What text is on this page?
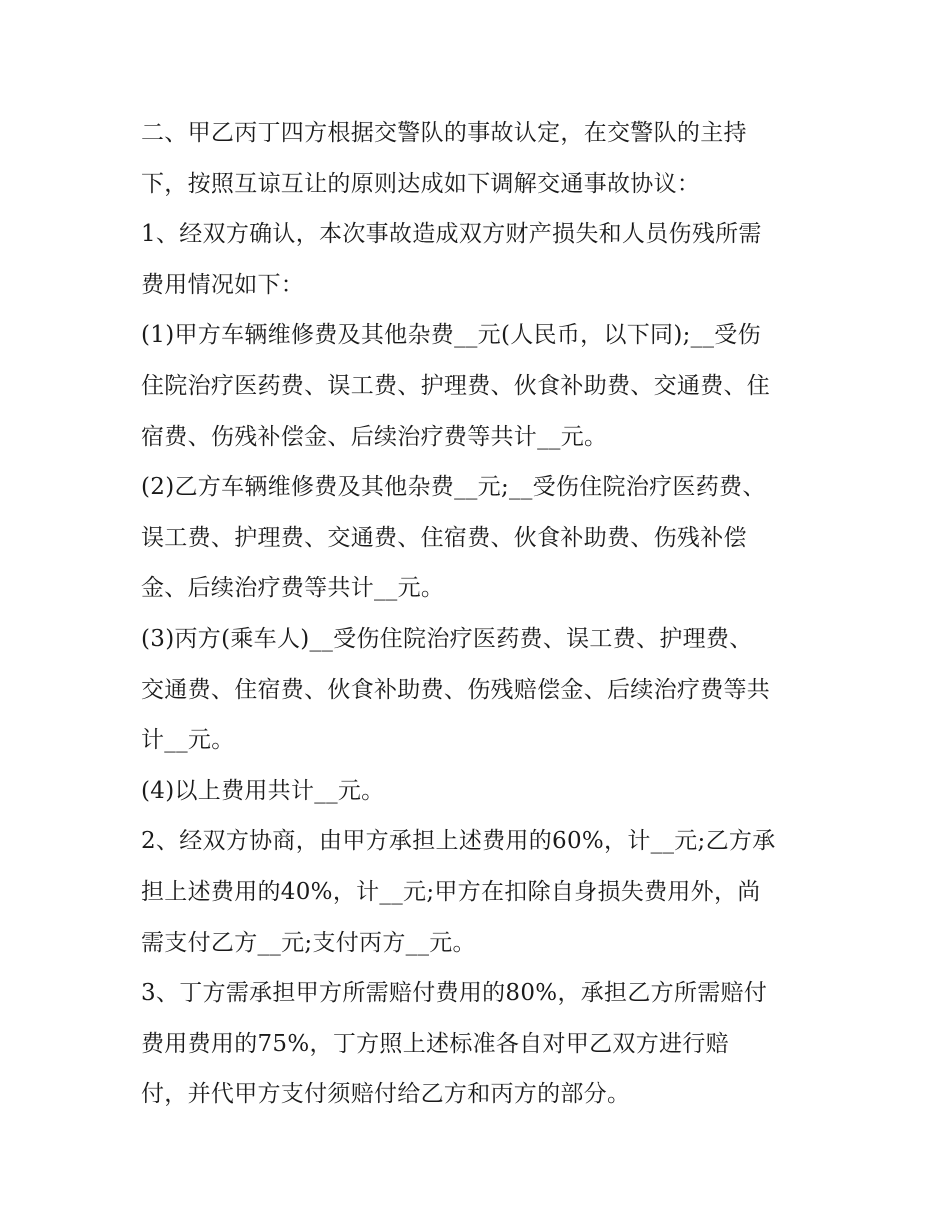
二、甲乙丙丁四方根据交警队的事故认定，在交警队的主持
下，按照互谅互让的原则达成如下调解交通事故协议：
1、经双方确认，本次事故造成双方财产损失和人员伤残所需
费用情况如下：
(1)甲方车辆维修费及其他杂费__元(人民币，以下同);__受伤
住院治疗医药费、误工费、护理费、伙食补助费、交通费、住
宿费、伤残补偿金、后续治疗费等共计__元。
(2)乙方车辆维修费及其他杂费__元;__受伤住院治疗医药费、
误工费、护理费、交通费、住宿费、伙食补助费、伤残补偿
金、后续治疗费等共计__元。
(3)丙方(乘车人)__受伤住院治疗医药费、误工费、护理费、
交通费、住宿费、伙食补助费、伤残赔偿金、后续治疗费等共
计__元。
(4)以上费用共计__元。
2、经双方协商，由甲方承担上述费用的60%，计__元;乙方承
担上述费用的40%，计__元;甲方在扣除自身损失费用外，尚
需支付乙方__元;支付丙方__元。
3、丁方需承担甲方所需赔付费用的80%，承担乙方所需赔付
费用费用的75%，丁方照上述标准各自对甲乙双方进行赔
付，并代甲方支付须赔付给乙方和丙方的部分。
